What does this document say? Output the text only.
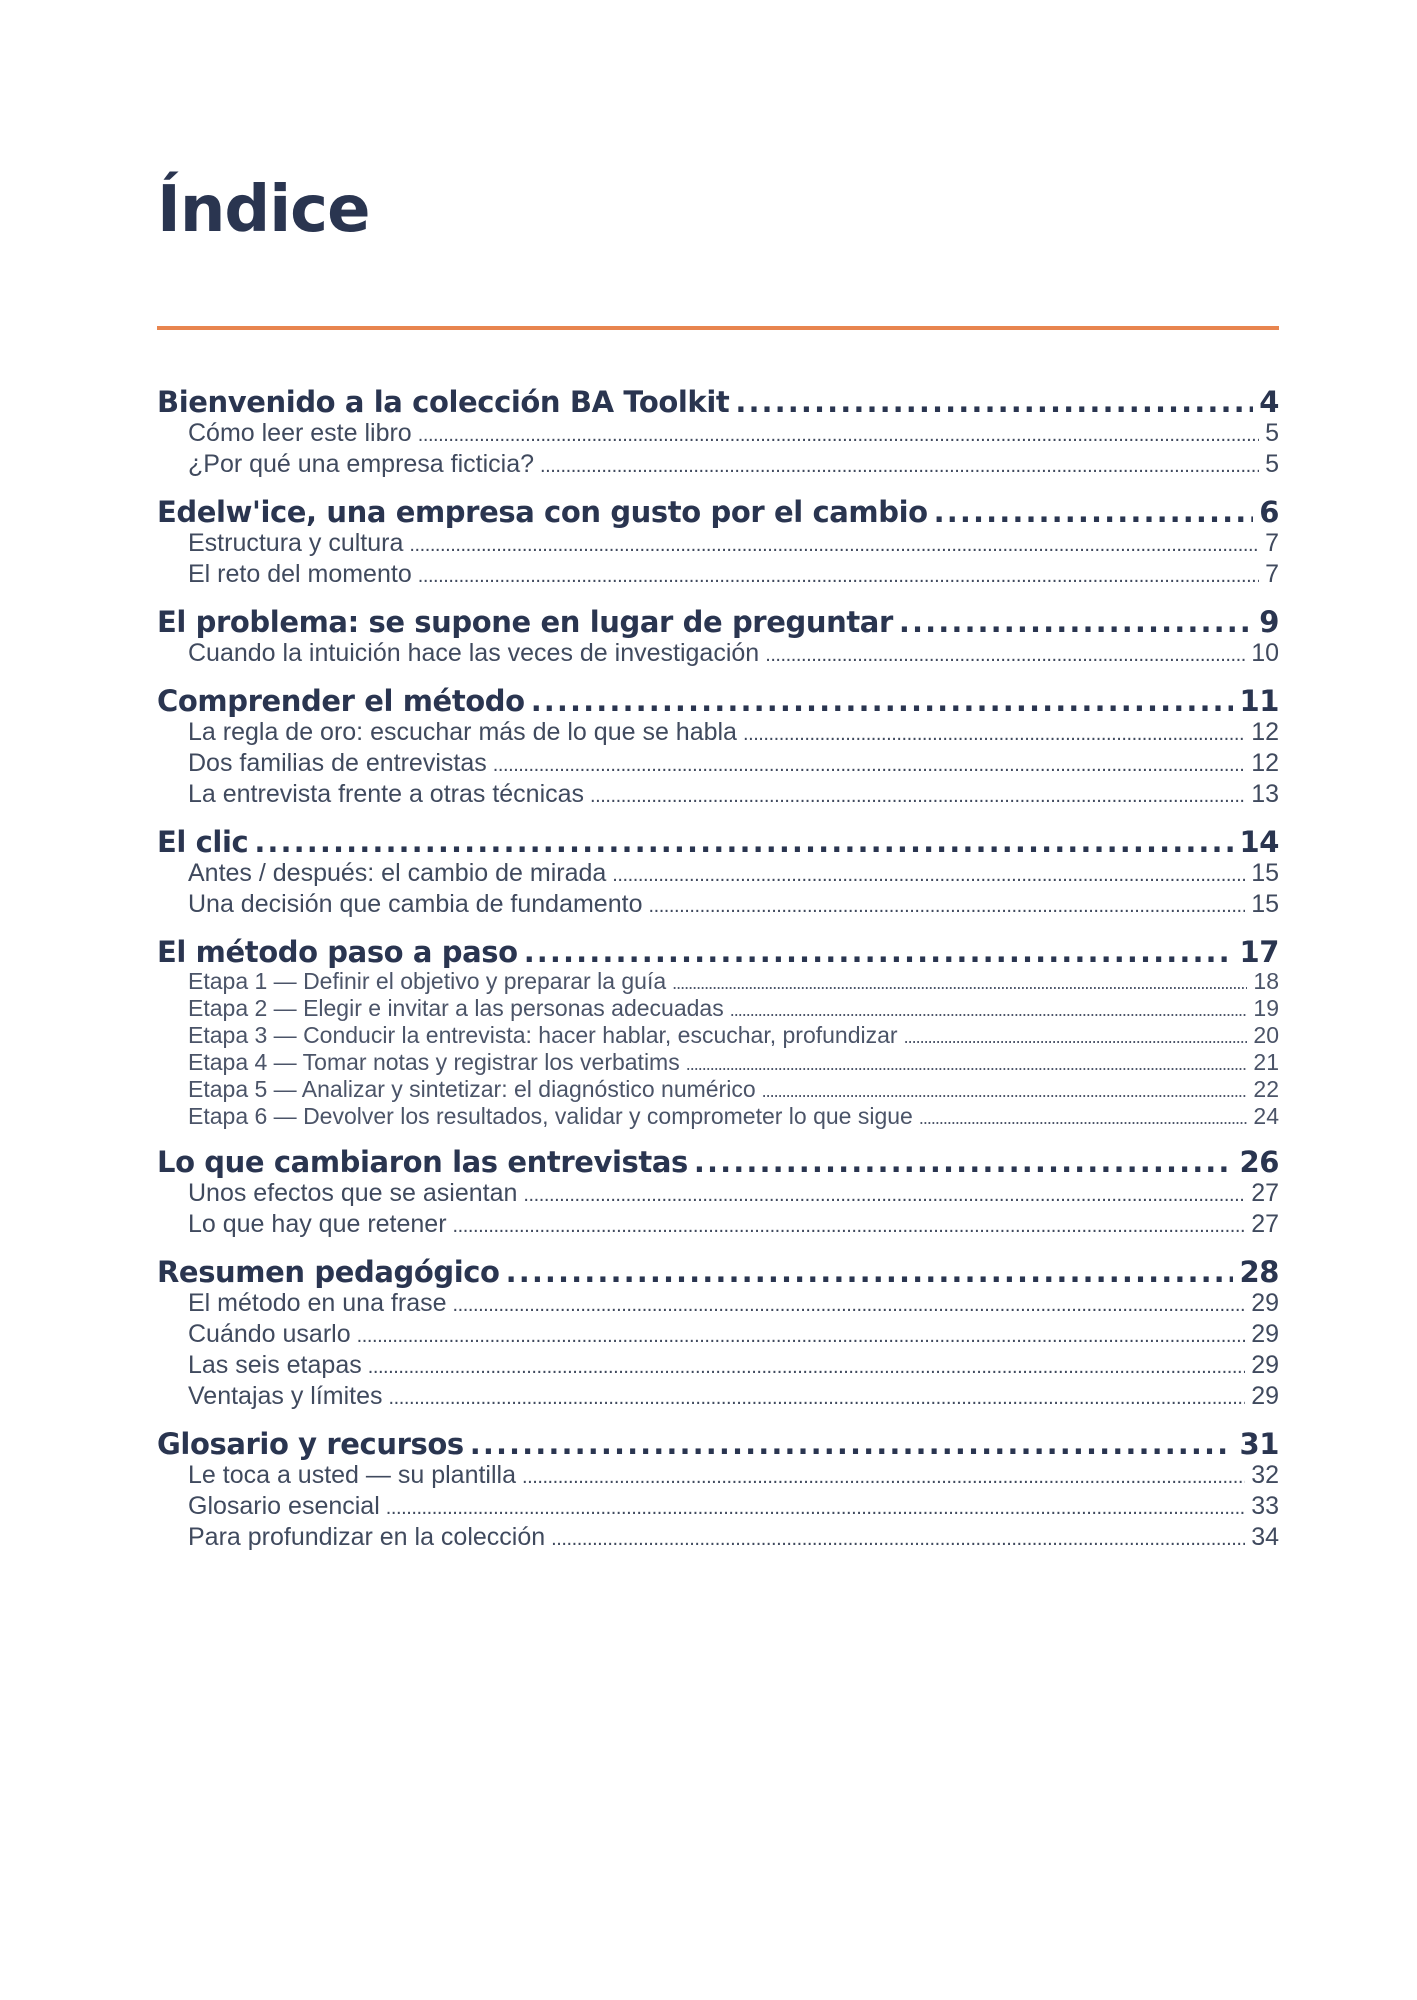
Índice
Bienvenido a la colección BA Toolkit . . .	4
Cómo leer este libro . . .	5
¿Por qué una empresa ficticia? . . .	5
Edelw'ice, una empresa con gusto por el cambio . . .	6
Estructura y cultura . . .	7
El reto del momento . . .	7
El problema: se supone en lugar de preguntar . . .	9
Cuando la intuición hace las veces de investigación . . .	10
Comprender el método . . .	11
La regla de oro: escuchar más de lo que se habla . . .	12
Dos familias de entrevistas . . .	12
La entrevista frente a otras técnicas . . .	13
El clic . . .	14
Antes / después: el cambio de mirada . . .	15
Una decisión que cambia de fundamento . . .	15
El método paso a paso . . .	17
Etapa 1 — Definir el objetivo y preparar la guía . . .	18
Etapa 2 — Elegir e invitar a las personas adecuadas . . .	19
Etapa 3 — Conducir la entrevista: hacer hablar, escuchar, profundizar . . .	20
Etapa 4 — Tomar notas y registrar los verbatims . . .	21
Etapa 5 — Analizar y sintetizar: el diagnóstico numérico . . .	22
Etapa 6 — Devolver los resultados, validar y comprometer lo que sigue . . .	24
Lo que cambiaron las entrevistas . . .	26
Unos efectos que se asientan . . .	27
Lo que hay que retener . . .	27
Resumen pedagógico . . .	28
El método en una frase . . .	29
Cuándo usarlo . . .	29
Las seis etapas . . .	29
Ventajas y límites . . .	29
Glosario y recursos . . .	31
Le toca a usted — su plantilla . . .	32
Glosario esencial . . .	33
Para profundizar en la colección . . .	34
